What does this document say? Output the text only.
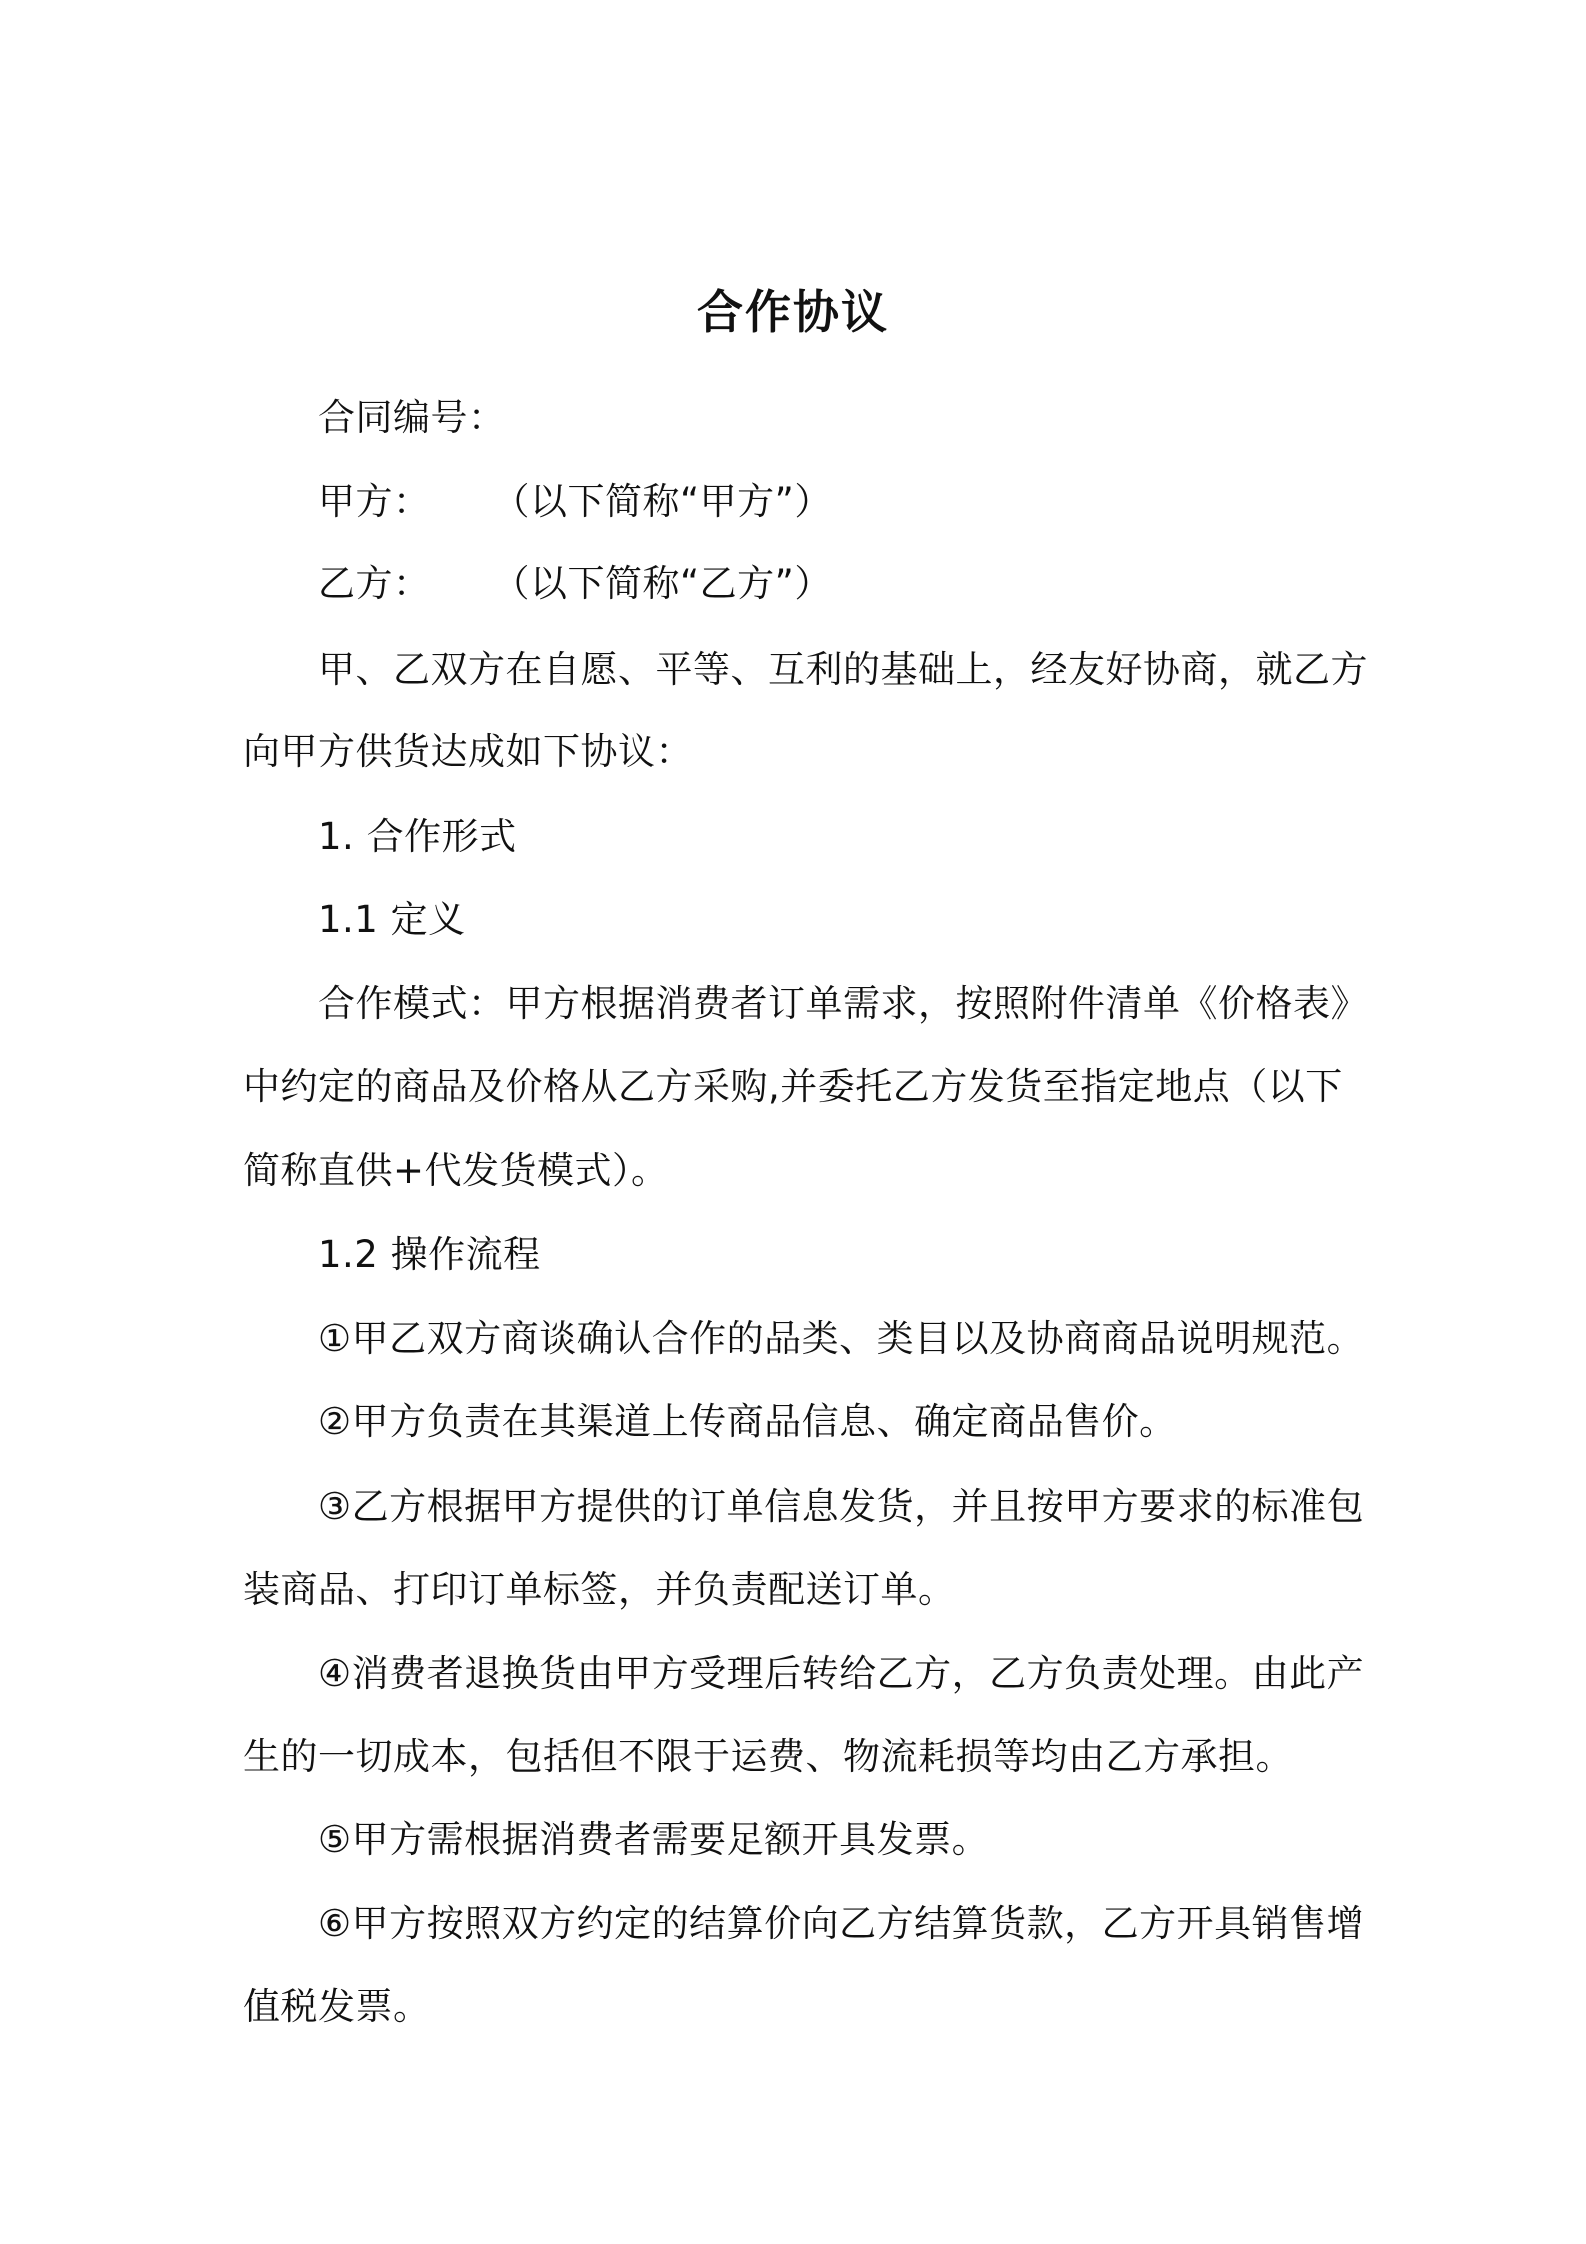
合作协议
合同编号：
甲方： （以下简称“甲方”）
乙方： （以下简称“乙方”）
甲、乙双方在自愿、平等、互利的基础上，经友好协商，就乙方
向甲方供货达成如下协议：
1. 合作形式
1.1 定义
合作模式：甲方根据消费者订单需求，按照附件清单《价格表》
中约定的商品及价格从乙方采购,并委托乙方发货至指定地点（以下
简称直供+代发货模式）。
1.2 操作流程
①甲乙双方商谈确认合作的品类、类目以及协商商品说明规范。
②甲方负责在其渠道上传商品信息、确定商品售价。
③乙方根据甲方提供的订单信息发货，并且按甲方要求的标准包
装商品、打印订单标签，并负责配送订单。
④消费者退换货由甲方受理后转给乙方，乙方负责处理。由此产
生的一切成本，包括但不限于运费、物流耗损等均由乙方承担。
⑤甲方需根据消费者需要足额开具发票。
⑥甲方按照双方约定的结算价向乙方结算货款，乙方开具销售增
值税发票。
